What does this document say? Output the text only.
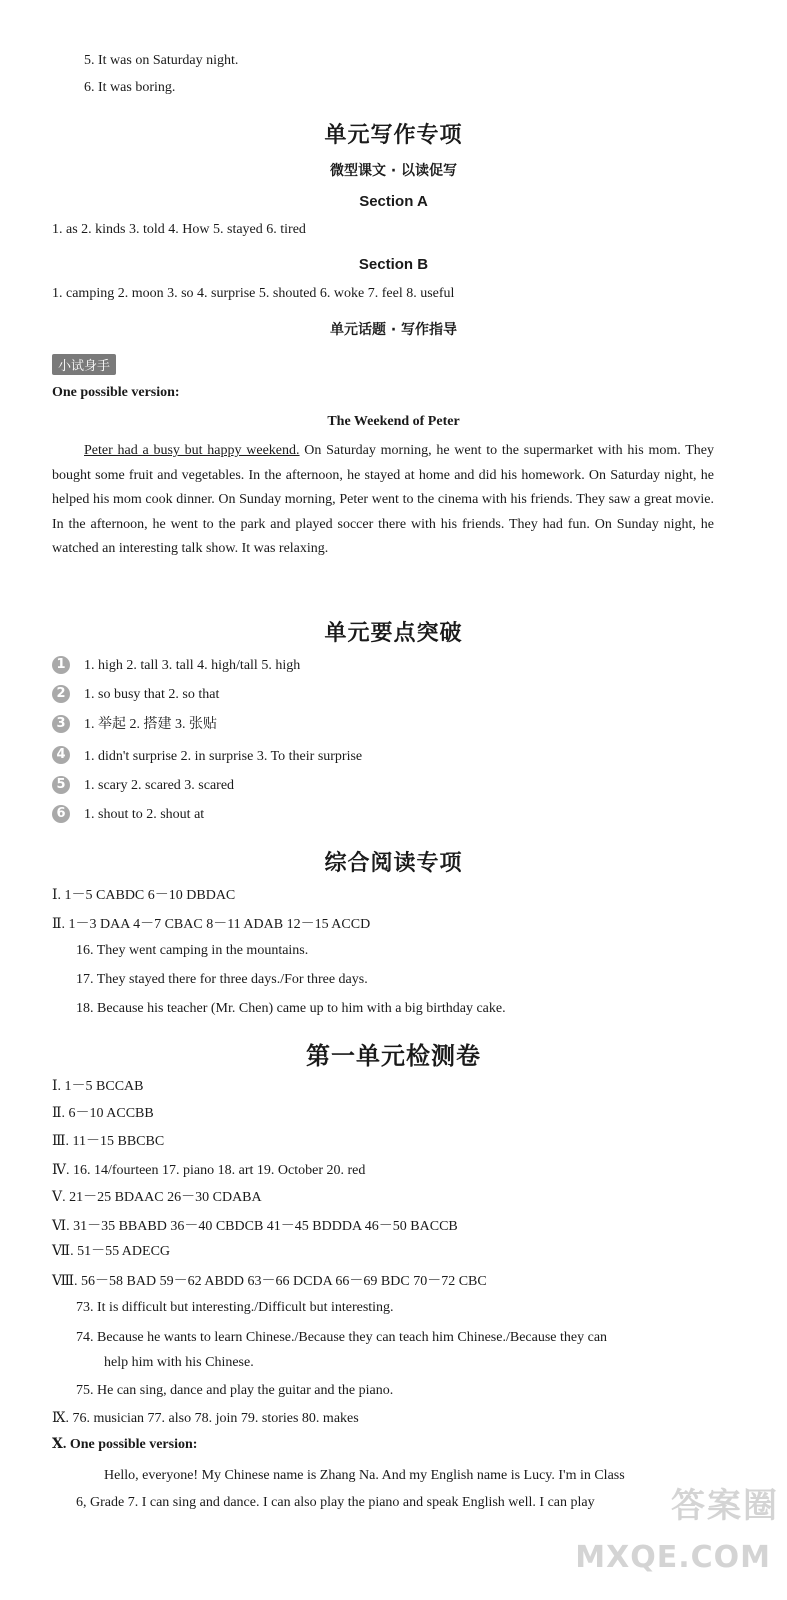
5. It was on Saturday night.
6. It was boring.
单元写作专项
微型课文 · 以读促写
Section A
1. as 2. kinds 3. told 4. How 5. stayed 6. tired
Section B
1. camping 2. moon 3. so 4. surprise 5. shouted 6. woke 7. feel 8. useful
单元话题 · 写作指导
小试身手
One possible version:
The Weekend of Peter
Peter had a busy but happy weekend. On Saturday morning, he went to the supermarket with his mom. They bought some fruit and vegetables. In the afternoon, he stayed at home and did his homework. On Saturday night, he helped his mom cook dinner. On Sunday morning, Peter went to the cinema with his friends. They saw a great movie. In the afternoon, he went to the park and played soccer there with his friends. They had fun. On Sunday night, he watched an interesting talk show. It was relaxing.
单元要点突破
1	1. high 2. tall 3. tall 4. high/tall 5. high
2	1. so busy that 2. so that
3	1. 举起 2. 搭建 3. 张贴
4	1. didn't surprise 2. in surprise 3. To their surprise
5	1. scary 2. scared 3. scared
6	1. shout to 2. shout at
综合阅读专项
Ⅰ. 1－5 CABDC 6－10 DBDAC
Ⅱ. 1－3 DAA 4－7 CBAC 8－11 ADAB 12－15 ACCD
16. They went camping in the mountains.
17. They stayed there for three days./For three days.
18. Because his teacher (Mr. Chen) came up to him with a big birthday cake.
第一单元检测卷
Ⅰ. 1－5 BCCAB
Ⅱ. 6－10 ACCBB
Ⅲ. 11－15 BBCBC
Ⅳ. 16. 14/fourteen 17. piano 18. art 19. October 20. red
Ⅴ. 21－25 BDAAC 26－30 CDABA
Ⅵ. 31－35 BBABD 36－40 CBDCB 41－45 BDDDA 46－50 BACCB
Ⅶ. 51－55 ADECG
Ⅷ. 56－58 BAD 59－62 ABDD 63－66 DCDA 66－69 BDC 70－72 CBC
73. It is difficult but interesting./Difficult but interesting.
74. Because he wants to learn Chinese./Because they can teach him Chinese./Because they can
help him with his Chinese.
75. He can sing, dance and play the guitar and the piano.
Ⅸ. 76. musician 77. also 78. join 79. stories 80. makes
Ⅹ. One possible version:
Hello, everyone! My Chinese name is Zhang Na. And my English name is Lucy. I'm in Class
6, Grade 7. I can sing and dance. I can also play the piano and speak English well. I can play 答案圈
MXQE.COM
